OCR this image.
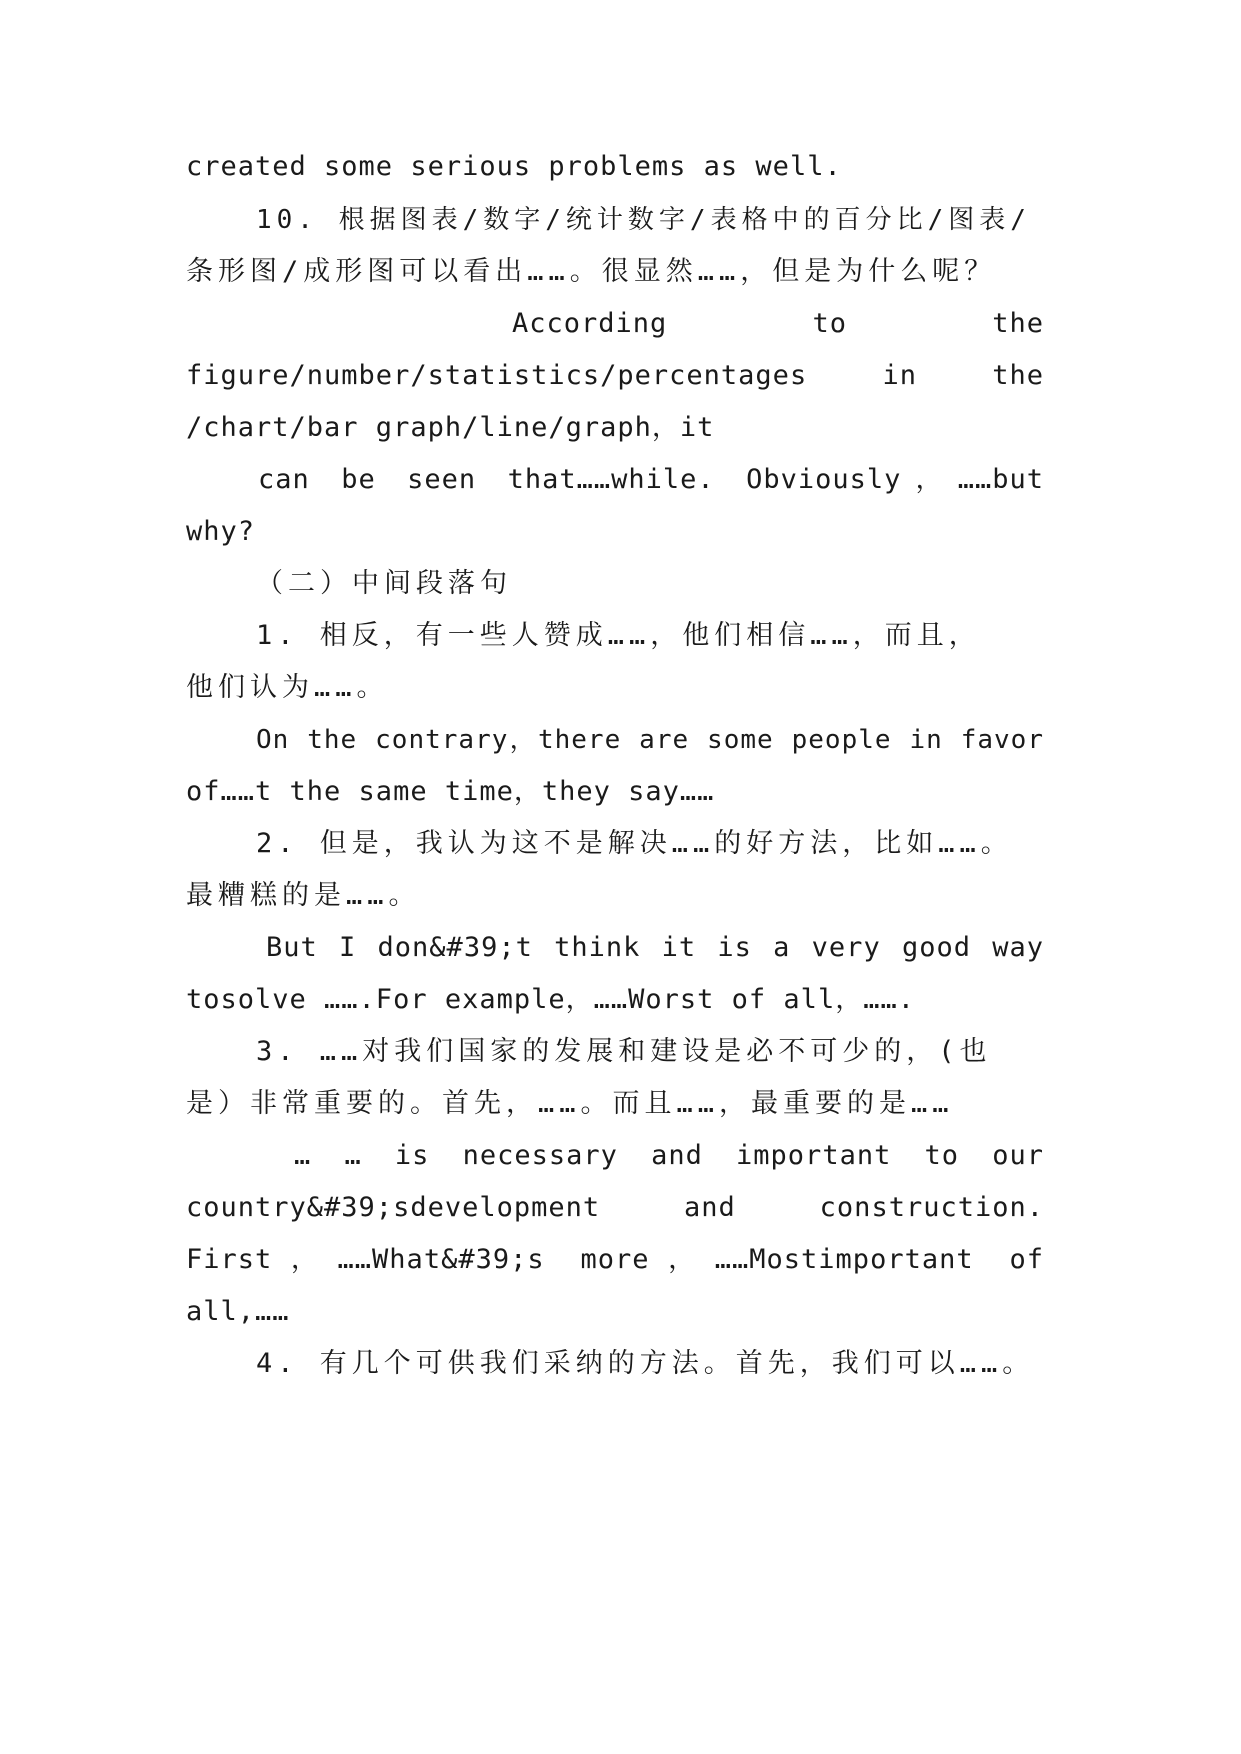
created some serious problems as well.
10. 根据图表/数字/统计数字/表格中的百分比/图表/
条形图/成形图可以看出……。很显然……，但是为什么呢？
According to the
figure/number/statistics/percentages in the
/chart/bar graph/line/graph，it
can be seen that……while. Obviously，……but
why?
（二）中间段落句
1. 相反，有一些人赞成……，他们相信……，而且，
他们认为……。
On the contrary，there are some people in favor
of……t the same time，they say……
2. 但是，我认为这不是解决……的好方法，比如……。
最糟糕的是……。
But I don&#39;t think it is a very good way
tosolve …….For example，……Worst of all，…….
3. ……对我们国家的发展和建设是必不可少的，(也
是）非常重要的。首先，……。而且……，最重要的是……
… … is necessary and important to our
country&#39;sdevelopment and construction.
First，……What&#39;s more，……Mostimportant of
all,……
4. 有几个可供我们采纳的方法。首先，我们可以……。
